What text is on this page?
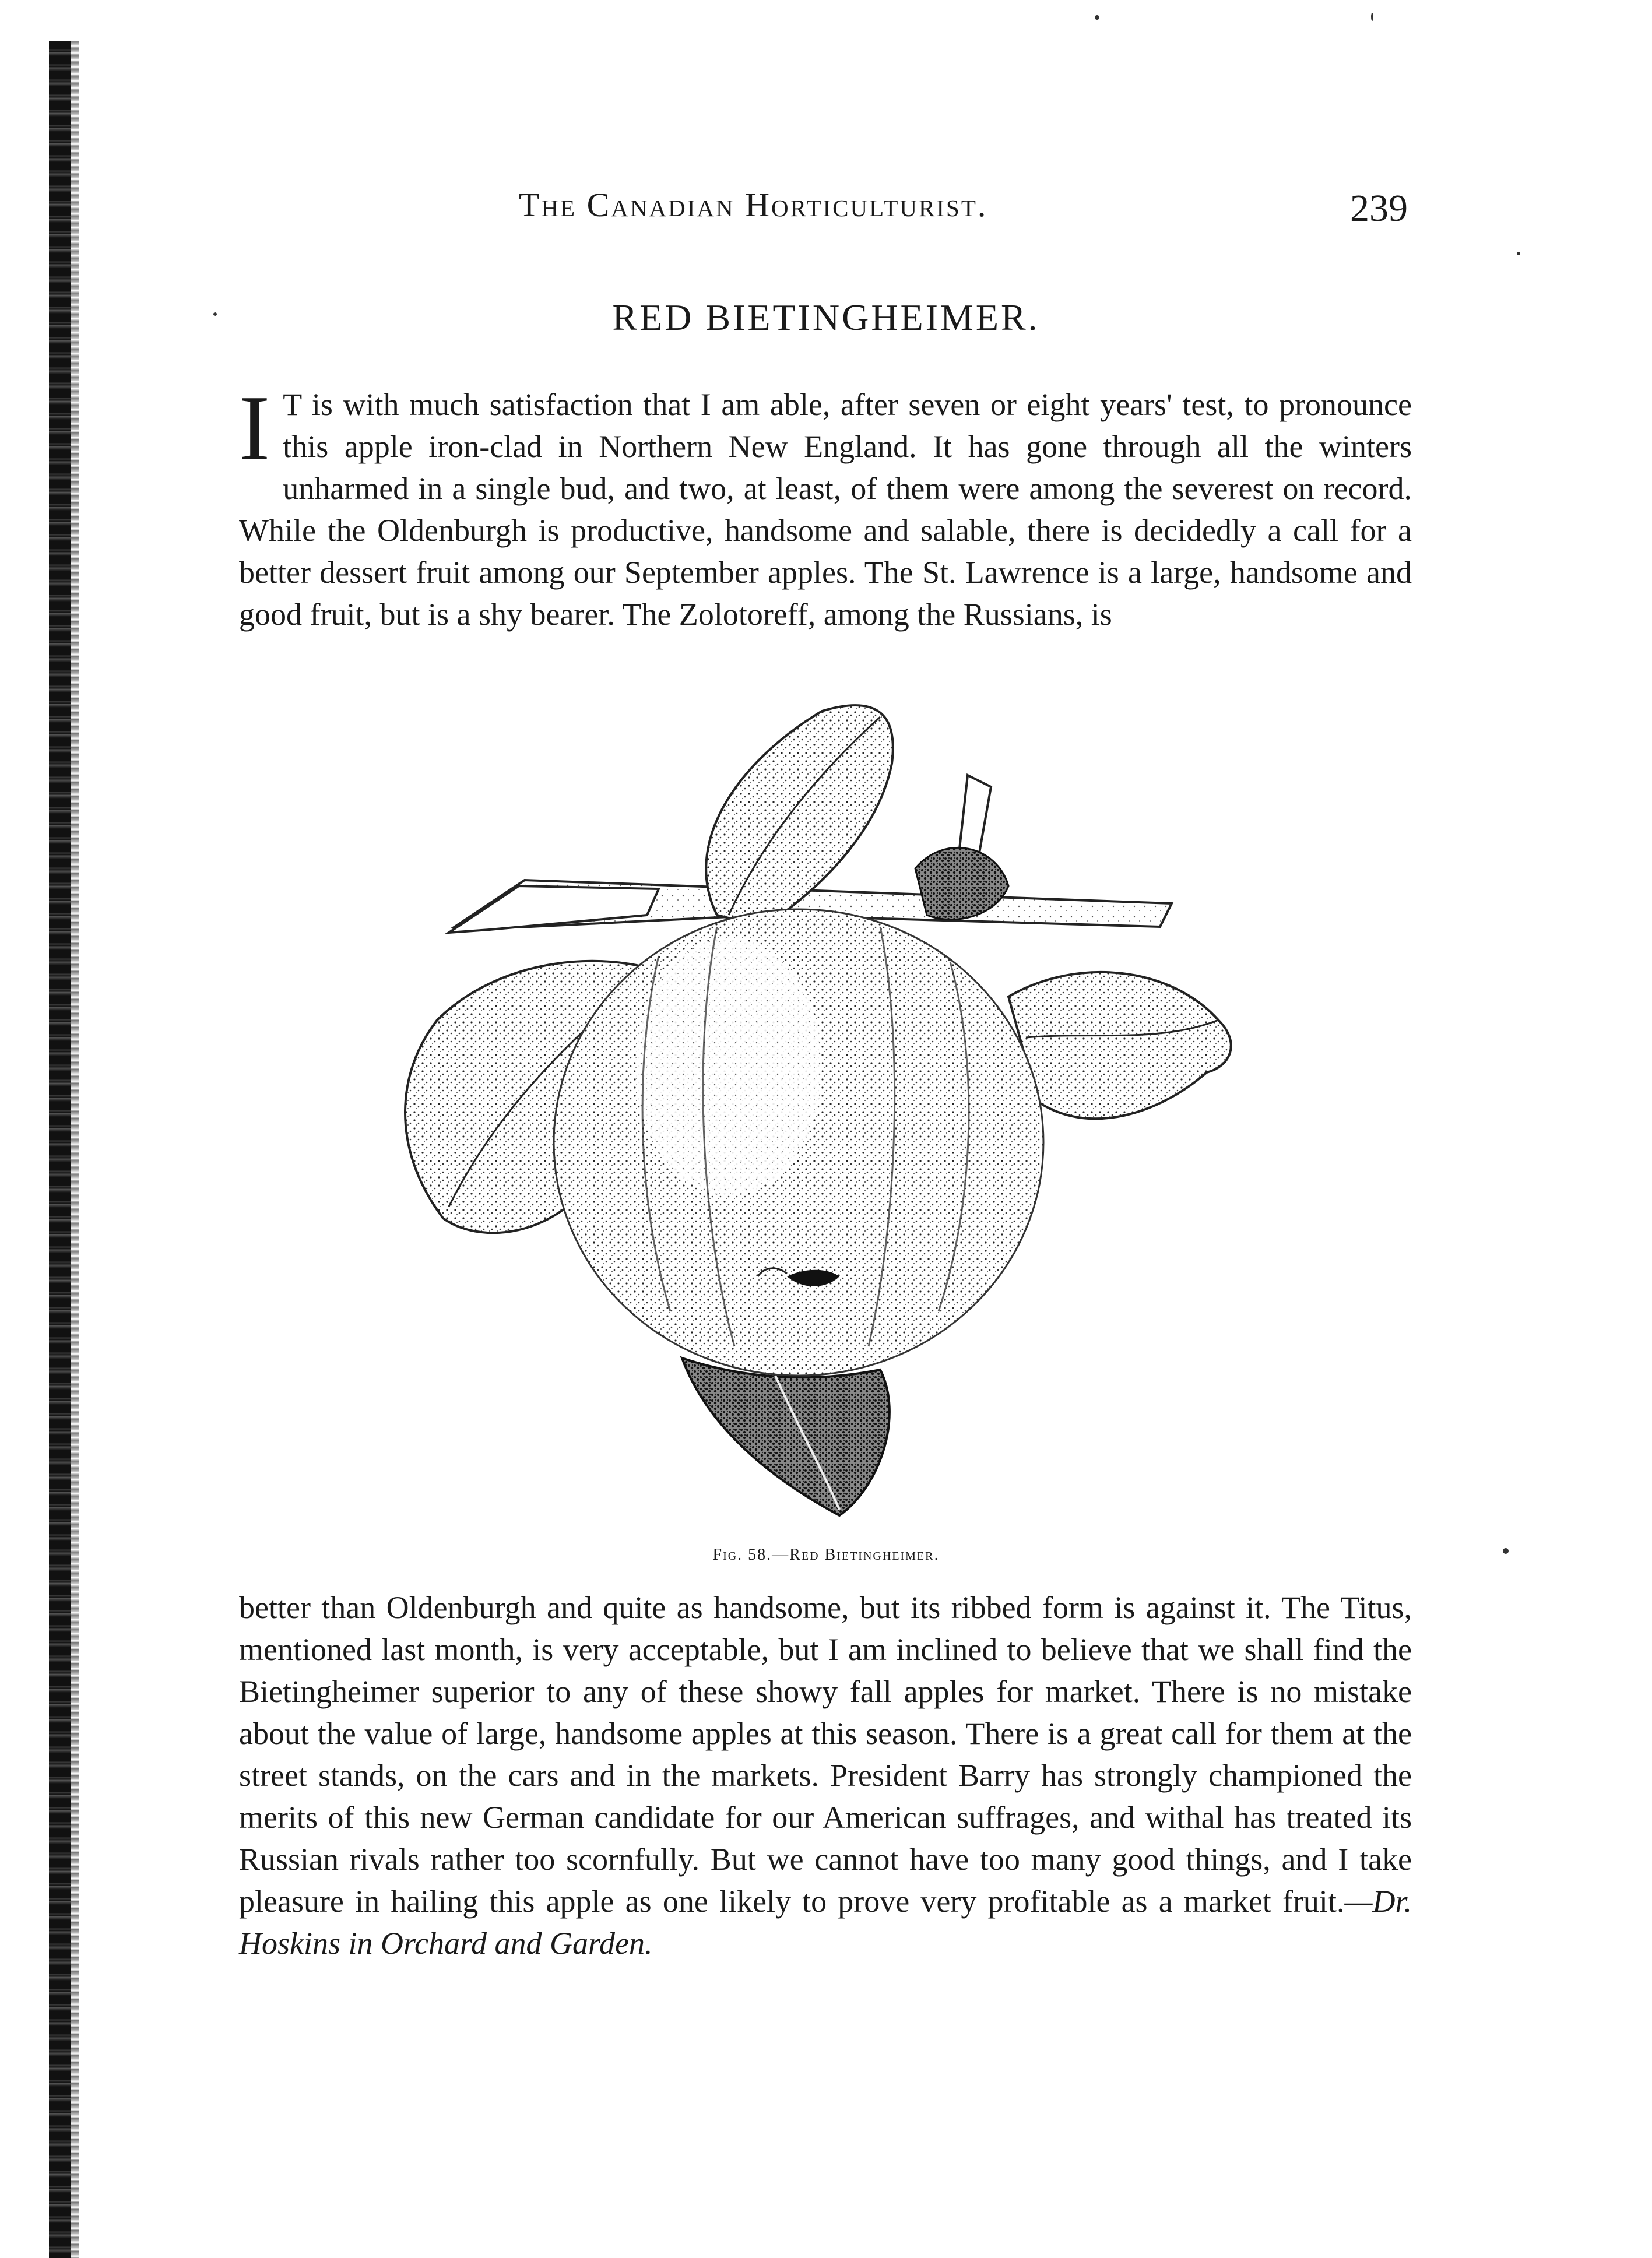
The Canadian Horticulturist.	239
RED BIETINGHEIMER.

I T is with much satisfaction that I am able, after seven or eight years' test, to pronounce this apple iron-clad in Northern New England. It has gone through all the winters unharmed in a single bud, and two, at least, of them were among the severest on record. While the Oldenburgh is productive, handsome and salable, there is decidedly a call for a better dessert fruit among our September apples. The St. Lawrence is a large, handsome and good fruit, but is a shy bearer. The Zolotoreff, among the Russians, is

Fig. 58.—Red Bietingheimer.

better than Oldenburgh and quite as handsome, but its ribbed form is against it. The Titus, mentioned last month, is very acceptable, but I am inclined to believe that we shall find the Bietingheimer superior to any of these showy fall apples for market. There is no mistake about the value of large, handsome apples at this season. There is a great call for them at the street stands, on the cars and in the markets. President Barry has strongly championed the merits of this new German candidate for our American suffrages, and withal has treated its Russian rivals rather too scornfully. But we cannot have too many good things, and I take pleasure in hailing this apple as one likely to prove very profitable as a market fruit.—Dr. Hoskins in Orchard and Garden.
